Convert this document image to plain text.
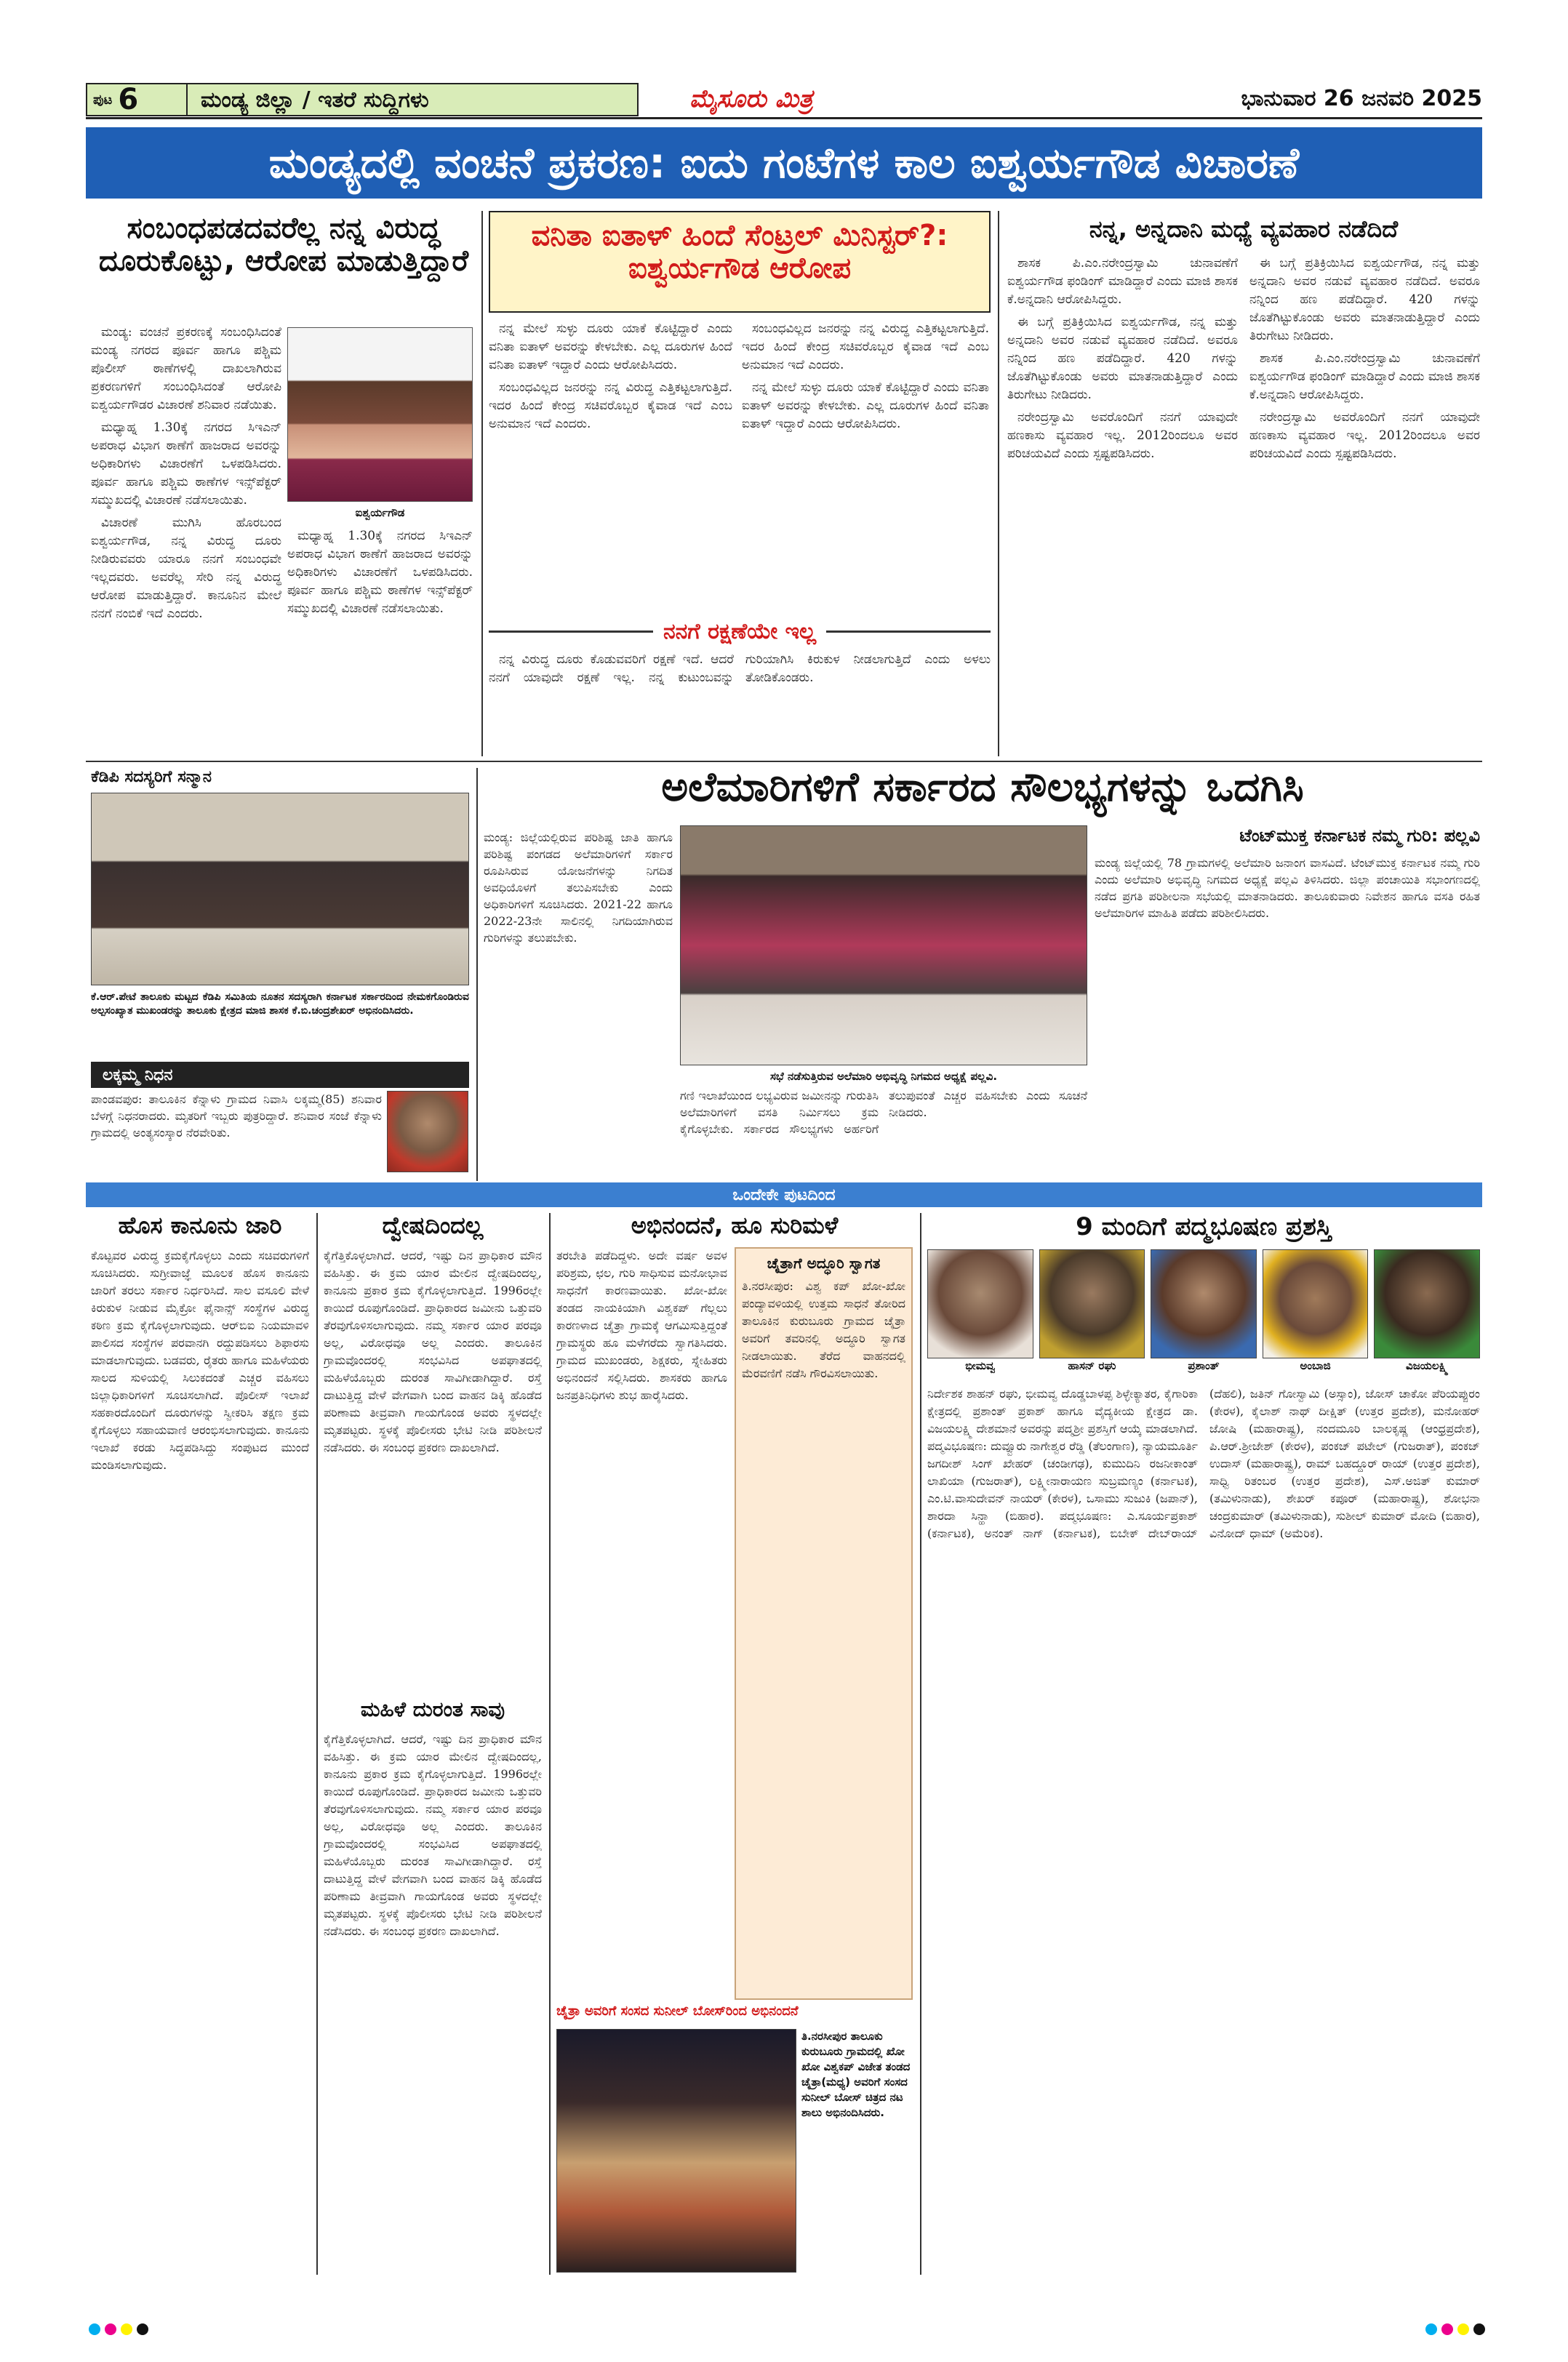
ಪುಟ 6	ಮಂಡ್ಯ ಜಿಲ್ಲಾ / ಇತರೆ ಸುದ್ದಿಗಳು	ಮೈಸೂರು ಮಿತ್ರ	ಭಾನುವಾರ 26 ಜನವರಿ 2025
ಮಂಡ್ಯದಲ್ಲಿ ವಂಚನೆ ಪ್ರಕರಣ: ಐದು ಗಂಟೆಗಳ ಕಾಲ ಐಶ್ವರ್ಯಗೌಡ ವಿಚಾರಣೆ
ಸಂಬಂಧಪಡದವರೆಲ್ಲ ನನ್ನ ವಿರುದ್ಧ ದೂರುಕೊಟ್ಟು, ಆರೋಪ ಮಾಡುತ್ತಿದ್ದಾರೆ

ಮಂಡ್ಯ: ವಂಚನೆ ಪ್ರಕರಣಕ್ಕೆ ಸಂಬಂಧಿಸಿದಂತೆ ಮಂಡ್ಯ ನಗರದ ಪೂರ್ವ ಹಾಗೂ ಪಶ್ಚಿಮ ಪೊಲೀಸ್ ಠಾಣೆಗಳಲ್ಲಿ ದಾಖಲಾಗಿರುವ ಪ್ರಕರಣಗಳಿಗೆ ಸಂಬಂಧಿಸಿದಂತೆ ಆರೋಪಿ ಐಶ್ವರ್ಯಗೌಡರ ವಿಚಾರಣೆ ಶನಿವಾರ ನಡೆಯಿತು.

ಮಧ್ಯಾಹ್ನ 1.30ಕ್ಕೆ ನಗರದ ಸಿಇಎನ್ ಅಪರಾಧ ವಿಭಾಗ ಠಾಣೆಗೆ ಹಾಜರಾದ ಅವರನ್ನು ಅಧಿಕಾರಿಗಳು ವಿಚಾರಣೆಗೆ ಒಳಪಡಿಸಿದರು. ಪೂರ್ವ ಹಾಗೂ ಪಶ್ಚಿಮ ಠಾಣೆಗಳ ಇನ್ಸ್‌ಪೆಕ್ಟರ್ ಸಮ್ಮುಖದಲ್ಲಿ ವಿಚಾರಣೆ ನಡೆಸಲಾಯಿತು.

ವಿಚಾರಣೆ ಮುಗಿಸಿ ಹೊರಬಂದ ಐಶ್ವರ್ಯಗೌಡ, ನನ್ನ ವಿರುದ್ಧ ದೂರು ನೀಡಿರುವವರು ಯಾರೂ ನನಗೆ ಸಂಬಂಧವೇ ಇಲ್ಲದವರು. ಅವರೆಲ್ಲ ಸೇರಿ ನನ್ನ ವಿರುದ್ಧ ಆರೋಪ ಮಾಡುತ್ತಿದ್ದಾರೆ. ಕಾನೂನಿನ ಮೇಲೆ ನನಗೆ ನಂಬಿಕೆ ಇದೆ ಎಂದರು.

ಐಶ್ವರ್ಯಗೌಡ

ಮಧ್ಯಾಹ್ನ 1.30ಕ್ಕೆ ನಗರದ ಸಿಇಎನ್ ಅಪರಾಧ ವಿಭಾಗ ಠಾಣೆಗೆ ಹಾಜರಾದ ಅವರನ್ನು ಅಧಿಕಾರಿಗಳು ವಿಚಾರಣೆಗೆ ಒಳಪಡಿಸಿದರು. ಪೂರ್ವ ಹಾಗೂ ಪಶ್ಚಿಮ ಠಾಣೆಗಳ ಇನ್ಸ್‌ಪೆಕ್ಟರ್ ಸಮ್ಮುಖದಲ್ಲಿ ವಿಚಾರಣೆ ನಡೆಸಲಾಯಿತು.

ವನಿತಾ ಐತಾಳ್ ಹಿಂದೆ ಸೆಂಟ್ರಲ್ ಮಿನಿಸ್ಟರ್?: ಐಶ್ವರ್ಯಗೌಡ ಆರೋಪ

ನನ್ನ ಮೇಲೆ ಸುಳ್ಳು ದೂರು ಯಾಕೆ ಕೊಟ್ಟಿದ್ದಾರೆ ಎಂದು ವನಿತಾ ಐತಾಳ್ ಅವರನ್ನು ಕೇಳಬೇಕು. ಎಲ್ಲ ದೂರುಗಳ ಹಿಂದೆ ವನಿತಾ ಐತಾಳ್ ಇದ್ದಾರೆ ಎಂದು ಆರೋಪಿಸಿದರು.

ಸಂಬಂಧವಿಲ್ಲದ ಜನರನ್ನು ನನ್ನ ವಿರುದ್ಧ ಎತ್ತಿಕಟ್ಟಲಾಗುತ್ತಿದೆ. ಇದರ ಹಿಂದೆ ಕೇಂದ್ರ ಸಚಿವರೊಬ್ಬರ ಕೈವಾಡ ಇದೆ ಎಂಬ ಅನುಮಾನ ಇದೆ ಎಂದರು.

ಸಂಬಂಧವಿಲ್ಲದ ಜನರನ್ನು ನನ್ನ ವಿರುದ್ಧ ಎತ್ತಿಕಟ್ಟಲಾಗುತ್ತಿದೆ. ಇದರ ಹಿಂದೆ ಕೇಂದ್ರ ಸಚಿವರೊಬ್ಬರ ಕೈವಾಡ ಇದೆ ಎಂಬ ಅನುಮಾನ ಇದೆ ಎಂದರು.

ನನ್ನ ಮೇಲೆ ಸುಳ್ಳು ದೂರು ಯಾಕೆ ಕೊಟ್ಟಿದ್ದಾರೆ ಎಂದು ವನಿತಾ ಐತಾಳ್ ಅವರನ್ನು ಕೇಳಬೇಕು. ಎಲ್ಲ ದೂರುಗಳ ಹಿಂದೆ ವನಿತಾ ಐತಾಳ್ ಇದ್ದಾರೆ ಎಂದು ಆರೋಪಿಸಿದರು.

ನನಗೆ ರಕ್ಷಣೆಯೇ ಇಲ್ಲ

ನನ್ನ ವಿರುದ್ಧ ದೂರು ಕೊಡುವವರಿಗೆ ರಕ್ಷಣೆ ಇದೆ. ಆದರೆ ನನಗೆ ಯಾವುದೇ ರಕ್ಷಣೆ ಇಲ್ಲ. ನನ್ನ ಕುಟುಂಬವನ್ನು ಗುರಿಯಾಗಿಸಿ ಕಿರುಕುಳ ನೀಡಲಾಗುತ್ತಿದೆ ಎಂದು ಅಳಲು ತೋಡಿಕೊಂಡರು.

ನನ್ನ, ಅನ್ನದಾನಿ ಮಧ್ಯೆ ವ್ಯವಹಾರ ನಡೆದಿದೆ

ಶಾಸಕ ಪಿ.ಎಂ.ನರೇಂದ್ರಸ್ವಾಮಿ ಚುನಾವಣೆಗೆ ಐಶ್ವರ್ಯಗೌಡ ಫಂಡಿಂಗ್ ಮಾಡಿದ್ದಾರೆ ಎಂದು ಮಾಜಿ ಶಾಸಕ ಕೆ.ಅನ್ನದಾನಿ ಆರೋಪಿಸಿದ್ದರು.

ಈ ಬಗ್ಗೆ ಪ್ರತಿಕ್ರಿಯಿಸಿದ ಐಶ್ವರ್ಯಗೌಡ, ನನ್ನ ಮತ್ತು ಅನ್ನದಾನಿ ಅವರ ನಡುವೆ ವ್ಯವಹಾರ ನಡೆದಿದೆ. ಅವರೂ ನನ್ನಿಂದ ಹಣ ಪಡೆದಿದ್ದಾರೆ. 420 ಗಳನ್ನು ಜೊತೆಗಿಟ್ಟುಕೊಂಡು ಅವರು ಮಾತನಾಡುತ್ತಿದ್ದಾರೆ ಎಂದು ತಿರುಗೇಟು ನೀಡಿದರು.

ನರೇಂದ್ರಸ್ವಾಮಿ ಅವರೊಂದಿಗೆ ನನಗೆ ಯಾವುದೇ ಹಣಕಾಸು ವ್ಯವಹಾರ ಇಲ್ಲ. 2012ರಿಂದಲೂ ಅವರ ಪರಿಚಯವಿದೆ ಎಂದು ಸ್ಪಷ್ಟಪಡಿಸಿದರು.

ಈ ಬಗ್ಗೆ ಪ್ರತಿಕ್ರಿಯಿಸಿದ ಐಶ್ವರ್ಯಗೌಡ, ನನ್ನ ಮತ್ತು ಅನ್ನದಾನಿ ಅವರ ನಡುವೆ ವ್ಯವಹಾರ ನಡೆದಿದೆ. ಅವರೂ ನನ್ನಿಂದ ಹಣ ಪಡೆದಿದ್ದಾರೆ. 420 ಗಳನ್ನು ಜೊತೆಗಿಟ್ಟುಕೊಂಡು ಅವರು ಮಾತನಾಡುತ್ತಿದ್ದಾರೆ ಎಂದು ತಿರುಗೇಟು ನೀಡಿದರು.

ಶಾಸಕ ಪಿ.ಎಂ.ನರೇಂದ್ರಸ್ವಾಮಿ ಚುನಾವಣೆಗೆ ಐಶ್ವರ್ಯಗೌಡ ಫಂಡಿಂಗ್ ಮಾಡಿದ್ದಾರೆ ಎಂದು ಮಾಜಿ ಶಾಸಕ ಕೆ.ಅನ್ನದಾನಿ ಆರೋಪಿಸಿದ್ದರು.

ನರೇಂದ್ರಸ್ವಾಮಿ ಅವರೊಂದಿಗೆ ನನಗೆ ಯಾವುದೇ ಹಣಕಾಸು ವ್ಯವಹಾರ ಇಲ್ಲ. 2012ರಿಂದಲೂ ಅವರ ಪರಿಚಯವಿದೆ ಎಂದು ಸ್ಪಷ್ಟಪಡಿಸಿದರು.

ಕೆಡಿಪಿ ಸದಸ್ಯರಿಗೆ ಸನ್ಮಾನ
ಕೆ.ಆರ್.ಪೇಟೆ ತಾಲೂಕು ಮಟ್ಟದ ಕೆಡಿಪಿ ಸಮಿತಿಯ ನೂತನ ಸದಸ್ಯರಾಗಿ ಕರ್ನಾಟಕ ಸರ್ಕಾರದಿಂದ ನೇಮಕಗೊಂಡಿರುವ ಅಲ್ಪಸಂಖ್ಯಾತ ಮುಖಂಡರನ್ನು ತಾಲೂಕು ಕ್ಷೇತ್ರದ ಮಾಜಿ ಶಾಸಕ ಕೆ.ಬಿ.ಚಂದ್ರಶೇಖರ್ ಅಭಿನಂದಿಸಿದರು.
ಲಕ್ಕಮ್ಮ ನಿಧನ
ಪಾಂಡವಪುರ: ತಾಲೂಕಿನ ಕೆನ್ನಾಳು ಗ್ರಾಮದ ನಿವಾಸಿ ಲಕ್ಕಮ್ಮ(85) ಶನಿವಾರ ಬೆಳಗ್ಗೆ ನಿಧನರಾದರು. ಮೃತರಿಗೆ ಇಬ್ಬರು ಪುತ್ರರಿದ್ದಾರೆ. ಶನಿವಾರ ಸಂಜೆ ಕೆನ್ನಾಳು ಗ್ರಾಮದಲ್ಲಿ ಅಂತ್ಯಸಂಸ್ಕಾರ ನೆರವೇರಿತು.
ಅಲೆಮಾರಿಗಳಿಗೆ ಸರ್ಕಾರದ ಸೌಲಭ್ಯಗಳನ್ನು ಒದಗಿಸಿ
ಮಂಡ್ಯ: ಜಿಲ್ಲೆಯಲ್ಲಿರುವ ಪರಿಶಿಷ್ಟ ಜಾತಿ ಹಾಗೂ ಪರಿಶಿಷ್ಟ ಪಂಗಡದ ಅಲೆಮಾರಿಗಳಿಗೆ ಸರ್ಕಾರ ರೂಪಿಸಿರುವ ಯೋಜನೆಗಳನ್ನು ನಿಗದಿತ ಅವಧಿಯೊಳಗೆ ತಲುಪಿಸಬೇಕು ಎಂದು ಅಧಿಕಾರಿಗಳಿಗೆ ಸೂಚಿಸಿದರು. 2021-22 ಹಾಗೂ 2022-23ನೇ ಸಾಲಿನಲ್ಲಿ ನಿಗದಿಯಾಗಿರುವ ಗುರಿಗಳನ್ನು ತಲುಪಬೇಕು.
ಸಭೆ ನಡೆಸುತ್ತಿರುವ ಅಲೆಮಾರಿ ಅಭಿವೃದ್ಧಿ ನಿಗಮದ ಅಧ್ಯಕ್ಷೆ ಪಲ್ಲವಿ.
ಗಣಿ ಇಲಾಖೆಯಿಂದ ಲಭ್ಯವಿರುವ ಜಮೀನನ್ನು ಗುರುತಿಸಿ ಅಲೆಮಾರಿಗಳಿಗೆ ವಸತಿ ನಿರ್ಮಿಸಲು ಕ್ರಮ ಕೈಗೊಳ್ಳಬೇಕು. ಸರ್ಕಾರದ ಸೌಲಭ್ಯಗಳು ಅರ್ಹರಿಗೆ ತಲುಪುವಂತೆ ಎಚ್ಚರ ವಹಿಸಬೇಕು ಎಂದು ಸೂಚನೆ ನೀಡಿದರು.
ಟೆಂಟ್‌ಮುಕ್ತ ಕರ್ನಾಟಕ ನಮ್ಮ ಗುರಿ: ಪಲ್ಲವಿ
ಮಂಡ್ಯ ಜಿಲ್ಲೆಯಲ್ಲಿ 78 ಗ್ರಾಮಗಳಲ್ಲಿ ಅಲೆಮಾರಿ ಜನಾಂಗ ವಾಸವಿದೆ. ಟೆಂಟ್‌ಮುಕ್ತ ಕರ್ನಾಟಕ ನಮ್ಮ ಗುರಿ ಎಂದು ಅಲೆಮಾರಿ ಅಭಿವೃದ್ಧಿ ನಿಗಮದ ಅಧ್ಯಕ್ಷೆ ಪಲ್ಲವಿ ತಿಳಿಸಿದರು. ಜಿಲ್ಲಾ ಪಂಚಾಯಿತಿ ಸಭಾಂಗಣದಲ್ಲಿ ನಡೆದ ಪ್ರಗತಿ ಪರಿಶೀಲನಾ ಸಭೆಯಲ್ಲಿ ಮಾತನಾಡಿದರು. ತಾಲೂಕುವಾರು ನಿವೇಶನ ಹಾಗೂ ವಸತಿ ರಹಿತ ಅಲೆಮಾರಿಗಳ ಮಾಹಿತಿ ಪಡೆದು ಪರಿಶೀಲಿಸಿದರು.
ಒಂದೇಕೇ ಪುಟದಿಂದ
ಹೊಸ ಕಾನೂನು ಜಾರಿ
ಕೊಟ್ಟವರ ವಿರುದ್ಧ ಕ್ರಮಕೈಗೊಳ್ಳಲು ಎಂದು ಸಚಿವರುಗಳಿಗೆ ಸೂಚಿಸಿದರು. ಸುಗ್ರೀವಾಜ್ಞೆ ಮೂಲಕ ಹೊಸ ಕಾನೂನು ಜಾರಿಗೆ ತರಲು ಸರ್ಕಾರ ನಿರ್ಧರಿಸಿದೆ. ಸಾಲ ವಸೂಲಿ ವೇಳೆ ಕಿರುಕುಳ ನೀಡುವ ಮೈಕ್ರೋ ಫೈನಾನ್ಸ್ ಸಂಸ್ಥೆಗಳ ವಿರುದ್ಧ ಕಠಿಣ ಕ್ರಮ ಕೈಗೊಳ್ಳಲಾಗುವುದು. ಆರ್‌ಬಿಐ ನಿಯಮಾವಳಿ ಪಾಲಿಸದ ಸಂಸ್ಥೆಗಳ ಪರವಾನಗಿ ರದ್ದುಪಡಿಸಲು ಶಿಫಾರಸು ಮಾಡಲಾಗುವುದು. ಬಡವರು, ರೈತರು ಹಾಗೂ ಮಹಿಳೆಯರು ಸಾಲದ ಸುಳಿಯಲ್ಲಿ ಸಿಲುಕದಂತೆ ಎಚ್ಚರ ವಹಿಸಲು ಜಿಲ್ಲಾಧಿಕಾರಿಗಳಿಗೆ ಸೂಚಿಸಲಾಗಿದೆ. ಪೊಲೀಸ್ ಇಲಾಖೆ ಸಹಕಾರದೊಂದಿಗೆ ದೂರುಗಳನ್ನು ಸ್ವೀಕರಿಸಿ ತಕ್ಷಣ ಕ್ರಮ ಕೈಗೊಳ್ಳಲು ಸಹಾಯವಾಣಿ ಆರಂಭಿಸಲಾಗುವುದು. ಕಾನೂನು ಇಲಾಖೆ ಕರಡು ಸಿದ್ಧಪಡಿಸಿದ್ದು ಸಂಪುಟದ ಮುಂದೆ ಮಂಡಿಸಲಾಗುವುದು.
ದ್ವೇಷದಿಂದಲ್ಲ
ಕೈಗೆತ್ತಿಕೊಳ್ಳಲಾಗಿದೆ. ಆದರೆ, ಇಷ್ಟು ದಿನ ಪ್ರಾಧಿಕಾರ ಮೌನ ವಹಿಸಿತ್ತು. ಈ ಕ್ರಮ ಯಾರ ಮೇಲಿನ ದ್ವೇಷದಿಂದಲ್ಲ, ಕಾನೂನು ಪ್ರಕಾರ ಕ್ರಮ ಕೈಗೊಳ್ಳಲಾಗುತ್ತಿದೆ. 1996ರಲ್ಲೇ ಕಾಯಿದೆ ರೂಪುಗೊಂಡಿದೆ. ಪ್ರಾಧಿಕಾರದ ಜಮೀನು ಒತ್ತುವರಿ ತೆರವುಗೊಳಿಸಲಾಗುವುದು. ನಮ್ಮ ಸರ್ಕಾರ ಯಾರ ಪರವೂ ಅಲ್ಲ, ವಿರೋಧವೂ ಅಲ್ಲ ಎಂದರು. ತಾಲೂಕಿನ ಗ್ರಾಮವೊಂದರಲ್ಲಿ ಸಂಭವಿಸಿದ ಅಪಘಾತದಲ್ಲಿ ಮಹಿಳೆಯೊಬ್ಬರು ದುರಂತ ಸಾವಿಗೀಡಾಗಿದ್ದಾರೆ. ರಸ್ತೆ ದಾಟುತ್ತಿದ್ದ ವೇಳೆ ವೇಗವಾಗಿ ಬಂದ ವಾಹನ ಡಿಕ್ಕಿ ಹೊಡೆದ ಪರಿಣಾಮ ತೀವ್ರವಾಗಿ ಗಾಯಗೊಂಡ ಅವರು ಸ್ಥಳದಲ್ಲೇ ಮೃತಪಟ್ಟರು. ಸ್ಥಳಕ್ಕೆ ಪೊಲೀಸರು ಭೇಟಿ ನೀಡಿ ಪರಿಶೀಲನೆ ನಡೆಸಿದರು. ಈ ಸಂಬಂಧ ಪ್ರಕರಣ ದಾಖಲಾಗಿದೆ.
ಮಹಿಳೆ ದುರಂತ ಸಾವು
ಕೈಗೆತ್ತಿಕೊಳ್ಳಲಾಗಿದೆ. ಆದರೆ, ಇಷ್ಟು ದಿನ ಪ್ರಾಧಿಕಾರ ಮೌನ ವಹಿಸಿತ್ತು. ಈ ಕ್ರಮ ಯಾರ ಮೇಲಿನ ದ್ವೇಷದಿಂದಲ್ಲ, ಕಾನೂನು ಪ್ರಕಾರ ಕ್ರಮ ಕೈಗೊಳ್ಳಲಾಗುತ್ತಿದೆ. 1996ರಲ್ಲೇ ಕಾಯಿದೆ ರೂಪುಗೊಂಡಿದೆ. ಪ್ರಾಧಿಕಾರದ ಜಮೀನು ಒತ್ತುವರಿ ತೆರವುಗೊಳಿಸಲಾಗುವುದು. ನಮ್ಮ ಸರ್ಕಾರ ಯಾರ ಪರವೂ ಅಲ್ಲ, ವಿರೋಧವೂ ಅಲ್ಲ ಎಂದರು. ತಾಲೂಕಿನ ಗ್ರಾಮವೊಂದರಲ್ಲಿ ಸಂಭವಿಸಿದ ಅಪಘಾತದಲ್ಲಿ ಮಹಿಳೆಯೊಬ್ಬರು ದುರಂತ ಸಾವಿಗೀಡಾಗಿದ್ದಾರೆ. ರಸ್ತೆ ದಾಟುತ್ತಿದ್ದ ವೇಳೆ ವೇಗವಾಗಿ ಬಂದ ವಾಹನ ಡಿಕ್ಕಿ ಹೊಡೆದ ಪರಿಣಾಮ ತೀವ್ರವಾಗಿ ಗಾಯಗೊಂಡ ಅವರು ಸ್ಥಳದಲ್ಲೇ ಮೃತಪಟ್ಟರು. ಸ್ಥಳಕ್ಕೆ ಪೊಲೀಸರು ಭೇಟಿ ನೀಡಿ ಪರಿಶೀಲನೆ ನಡೆಸಿದರು. ಈ ಸಂಬಂಧ ಪ್ರಕರಣ ದಾಖಲಾಗಿದೆ.
ಅಭಿನಂದನೆ, ಹೂ ಸುರಿಮಳೆ
ತರಬೇತಿ ಪಡೆದಿದ್ದಳು. ಅದೇ ವರ್ಷ ಅವಳ ಪರಿಶ್ರಮ, ಛಲ, ಗುರಿ ಸಾಧಿಸುವ ಮನೋಭಾವ ಸಾಧನೆಗೆ ಕಾರಣವಾಯಿತು. ಖೋ-ಖೋ ತಂಡದ ನಾಯಕಿಯಾಗಿ ವಿಶ್ವಕಪ್ ಗೆಲ್ಲಲು ಕಾರಣಳಾದ ಚೈತ್ರಾ ಗ್ರಾಮಕ್ಕೆ ಆಗಮಿಸುತ್ತಿದ್ದಂತೆ ಗ್ರಾಮಸ್ಥರು ಹೂ ಮಳೆಗರೆದು ಸ್ವಾಗತಿಸಿದರು. ಗ್ರಾಮದ ಮುಖಂಡರು, ಶಿಕ್ಷಕರು, ಸ್ನೇಹಿತರು ಅಭಿನಂದನೆ ಸಲ್ಲಿಸಿದರು. ಶಾಸಕರು ಹಾಗೂ ಜನಪ್ರತಿನಿಧಿಗಳು ಶುಭ ಹಾರೈಸಿದರು.
ಚೈತ್ರಾಗೆ ಅದ್ಧೂರಿ ಸ್ವಾಗತ
ತಿ.ನರಸೀಪುರ: ವಿಶ್ವ ಕಪ್ ಖೋ-ಖೋ ಪಂದ್ಯಾವಳಿಯಲ್ಲಿ ಉತ್ತಮ ಸಾಧನೆ ತೋರಿದ ತಾಲೂಕಿನ ಕುರುಬೂರು ಗ್ರಾಮದ ಚೈತ್ರಾ ಅವರಿಗೆ ತವರಿನಲ್ಲಿ ಅದ್ಧೂರಿ ಸ್ವಾಗತ ನೀಡಲಾಯಿತು. ತೆರೆದ ವಾಹನದಲ್ಲಿ ಮೆರವಣಿಗೆ ನಡೆಸಿ ಗೌರವಿಸಲಾಯಿತು.
ಚೈತ್ರಾ ಅವರಿಗೆ ಸಂಸದ ಸುನೀಲ್ ಬೋಸ್‌ರಿಂದ ಅಭಿನಂದನೆ
ತಿ.ನರಸೀಪುರ ತಾಲೂಕು ಕುರುಬೂರು ಗ್ರಾಮದಲ್ಲಿ ಖೋ ಖೋ ವಿಶ್ವಕಪ್ ವಿಜೇತ ತಂಡದ ಚೈತ್ರಾ(ಮಧ್ಯ) ಅವರಿಗೆ ಸಂಸದ ಸುನೀಲ್ ಬೋಸ್ ಚಿತ್ರದ ನಟ ಶಾಲು ಅಭಿನಂದಿಸಿದರು.
9 ಮಂದಿಗೆ ಪದ್ಮಭೂಷಣ ಪ್ರಶಸ್ತಿ
ಭೀಮವ್ವ	ಹಾಸನ್ ರಘು	ಪ್ರಶಾಂತ್	ಅಂಬಾಜಿ	ವಿಜಯಲಕ್ಷ್ಮಿ
ನಿರ್ದೇಶಕ ಶಾಹನ್ ರಘು, ಭೀಮವ್ವ ದೊಡ್ಡಬಾಳಪ್ಪ ಶಿಳ್ಳೇಕ್ಯಾತರ, ಕೈಗಾರಿಕಾ ಕ್ಷೇತ್ರದಲ್ಲಿ ಪ್ರಶಾಂತ್ ಪ್ರಕಾಶ್ ಹಾಗೂ ವೈದ್ಯಕೀಯ ಕ್ಷೇತ್ರದ ಡಾ. ವಿಜಯಲಕ್ಷ್ಮಿ ದೇಶಮಾನೆ ಅವರನ್ನು ಪದ್ಮಶ್ರೀ ಪ್ರಶಸ್ತಿಗೆ ಆಯ್ಕೆ ಮಾಡಲಾಗಿದೆ. ಪದ್ಮವಿಭೂಷಣ: ದುವ್ವೂರು ನಾಗೇಶ್ವರ ರೆಡ್ಡಿ (ತೆಲಂಗಾಣ), ನ್ಯಾಯಮೂರ್ತಿ ಜಗದೀಶ್ ಸಿಂಗ್ ಖೇಹರ್ (ಚಂಡೀಗಢ), ಕುಮುದಿನಿ ರಜನೀಕಾಂತ್ ಲಾಖಿಯಾ (ಗುಜರಾತ್), ಲಕ್ಷ್ಮೀನಾರಾಯಣ ಸುಬ್ರಮಣ್ಯಂ (ಕರ್ನಾಟಕ), ಎಂ.ಟಿ.ವಾಸುದೇವನ್ ನಾಯರ್ (ಕೇರಳ), ಒಸಾಮು ಸುಜುಕಿ (ಜಪಾನ್), ಶಾರದಾ ಸಿನ್ಹಾ (ಬಿಹಾರ). ಪದ್ಮಭೂಷಣ: ಎ.ಸೂರ್ಯಪ್ರಕಾಶ್ (ಕರ್ನಾಟಕ), ಅನಂತ್ ನಾಗ್ (ಕರ್ನಾಟಕ), ಬಿಬೇಕ್ ದೇಬ್‌ರಾಯ್ (ದೆಹಲಿ), ಜತಿನ್ ಗೋಸ್ವಾಮಿ (ಅಸ್ಸಾಂ), ಜೋಸ್ ಚಾಕೋ ಪೆರಿಯಪ್ಪುರಂ (ಕೇರಳ), ಕೈಲಾಶ್ ನಾಥ್ ದೀಕ್ಷಿತ್ (ಉತ್ತರ ಪ್ರದೇಶ), ಮನೋಹರ್ ಜೋಷಿ (ಮಹಾರಾಷ್ಟ್ರ), ನಂದಮೂರಿ ಬಾಲಕೃಷ್ಣ (ಆಂಧ್ರಪ್ರದೇಶ), ಪಿ.ಆರ್.ಶ್ರೀಜೇಶ್ (ಕೇರಳ), ಪಂಕಜ್ ಪಟೇಲ್ (ಗುಜರಾತ್), ಪಂಕಜ್ ಉದಾಸ್ (ಮಹಾರಾಷ್ಟ್ರ), ರಾಮ್ ಬಹದ್ದೂರ್ ರಾಯ್ (ಉತ್ತರ ಪ್ರದೇಶ), ಸಾಧ್ವಿ ರಿತಂಬರ (ಉತ್ತರ ಪ್ರದೇಶ), ಎಸ್.ಅಜಿತ್ ಕುಮಾರ್ (ತಮಿಳುನಾಡು), ಶೇಖರ್ ಕಪೂರ್ (ಮಹಾರಾಷ್ಟ್ರ), ಶೋಭನಾ ಚಂದ್ರಕುಮಾರ್ (ತಮಿಳುನಾಡು), ಸುಶೀಲ್ ಕುಮಾರ್ ಮೋದಿ (ಬಿಹಾರ), ವಿನೋದ್ ಧಾಮ್ (ಅಮೆರಿಕ).
